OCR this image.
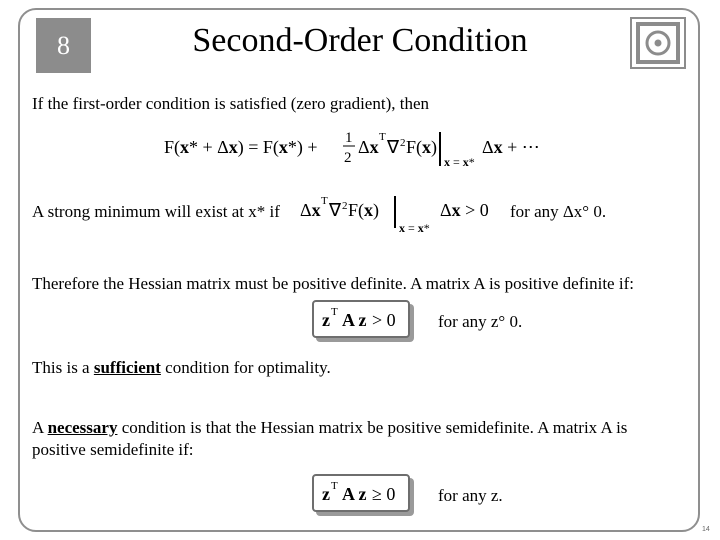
8	Second-Order Condition
If the first-order condition is satisfied (zero gradient), then
F(x* + Δx) = F(x*) + 1
2
Δx T ∇ 2 F(x)
x = x*
Δx + ⋯
A strong minimum will exist at x* if Δx T ∇ 2 F(x)
x = x*
Δx > 0 for any Δx° 0.
Therefore the Hessian matrix must be positive definite. A matrix A is positive definite if:
z T A z > 0 for any z° 0.
This is a sufficient condition for optimality.
A necessary condition is that the Hessian matrix be positive semidefinite. A matrix A is
positive semidefinite if:
z T A z ≥ 0	for any z.
14
